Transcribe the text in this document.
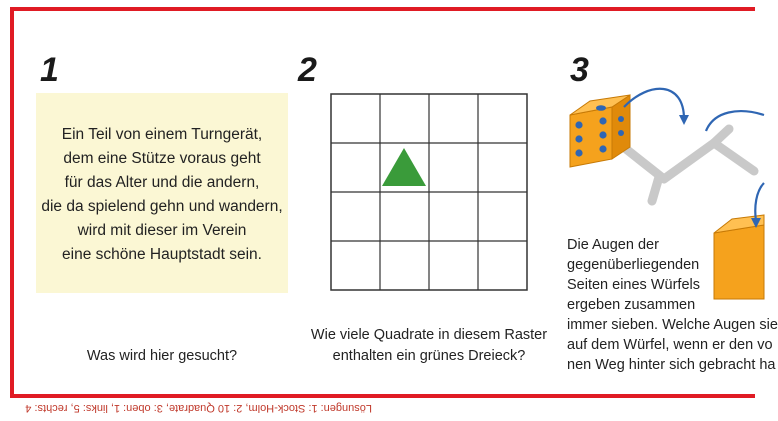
1
Ein Teil von einem Turngerät,
dem eine Stütze voraus geht
für das Alter und die andern,
die da spielend gehn und wandern,
wird mit dieser im Verein
eine schöne Hauptstadt sein.
Was wird hier gesucht?
2
Wie viele Quadrate in diesem Raster
enthalten ein grünes Dreieck?
3
Die Augen der
gegenüberliegenden
Seiten eines Würfels
ergeben zusammen
immer sieben. Welche Augen sie
auf dem Würfel, wenn er den vo
nen Weg hinter sich gebracht ha
Lösungen: 1: Stock-Holm, 2: 10 Quadrate, 3: oben: 1, links: 5, rechts: 4
